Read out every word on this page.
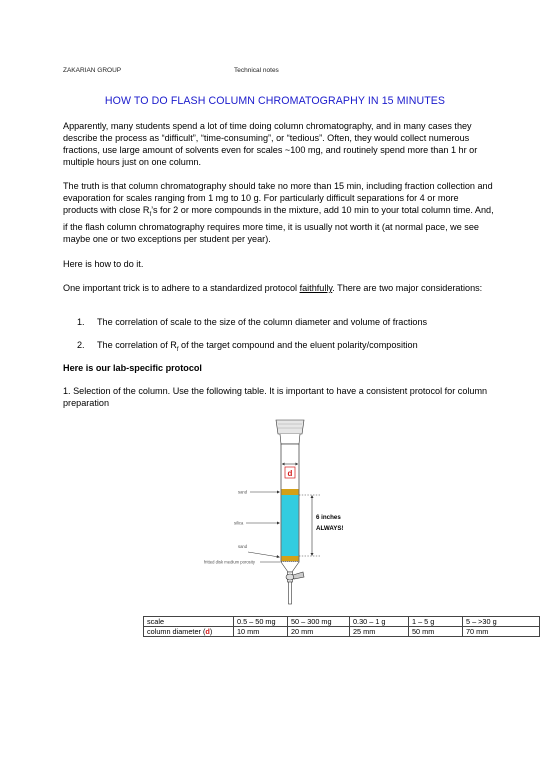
ZAKARIAN GROUP	Technical notes
HOW TO DO FLASH COLUMN CHROMATOGRAPHY IN 15 MINUTES
Apparently, many students spend a lot of time doing column chromatography, and in many cases they describe the process as “difficult”, “time-consuming”, or “tedious”. Often, they would collect numerous fractions, use large amount of solvents even for scales ~100 mg, and routinely spend more than 1 hr or multiple hours just on one column.
The truth is that column chromatography should take no more than 15 min, including fraction collection and evaporation for scales ranging from 1 mg to 10 g. For particularly difficult separations for 4 or more products with close $R_f’s$ for 2 or more compounds in the mixture, add 10 min to your total column time. And, if the flash column chromatography requires more time, it is usually not worth it (at normal pace, we see maybe one or two exceptions per student per year).
Here is how to do it.
One important trick is to adhere to a standardized protocol faithfully. There are two major considerations:
1. The correlation of scale to the size of the column diameter and volume of fractions
2. The correlation of $R_f$ of the target compound and the eluent polarity/composition
Here is our lab-specific protocol
1. Selection of the column. Use the following table. It is important to have a consistent protocol for column preparation
d
sand
silica
sand
fritted disk medium porosity
6 inches
ALWAYS!
scale	0.5 – 50 mg	50 – 300 mg	0.30 – 1 g	1 – 5 g	5 – >30 g
column diameter (d)	10 mm	20 mm	25 mm	50 mm	70 mm
